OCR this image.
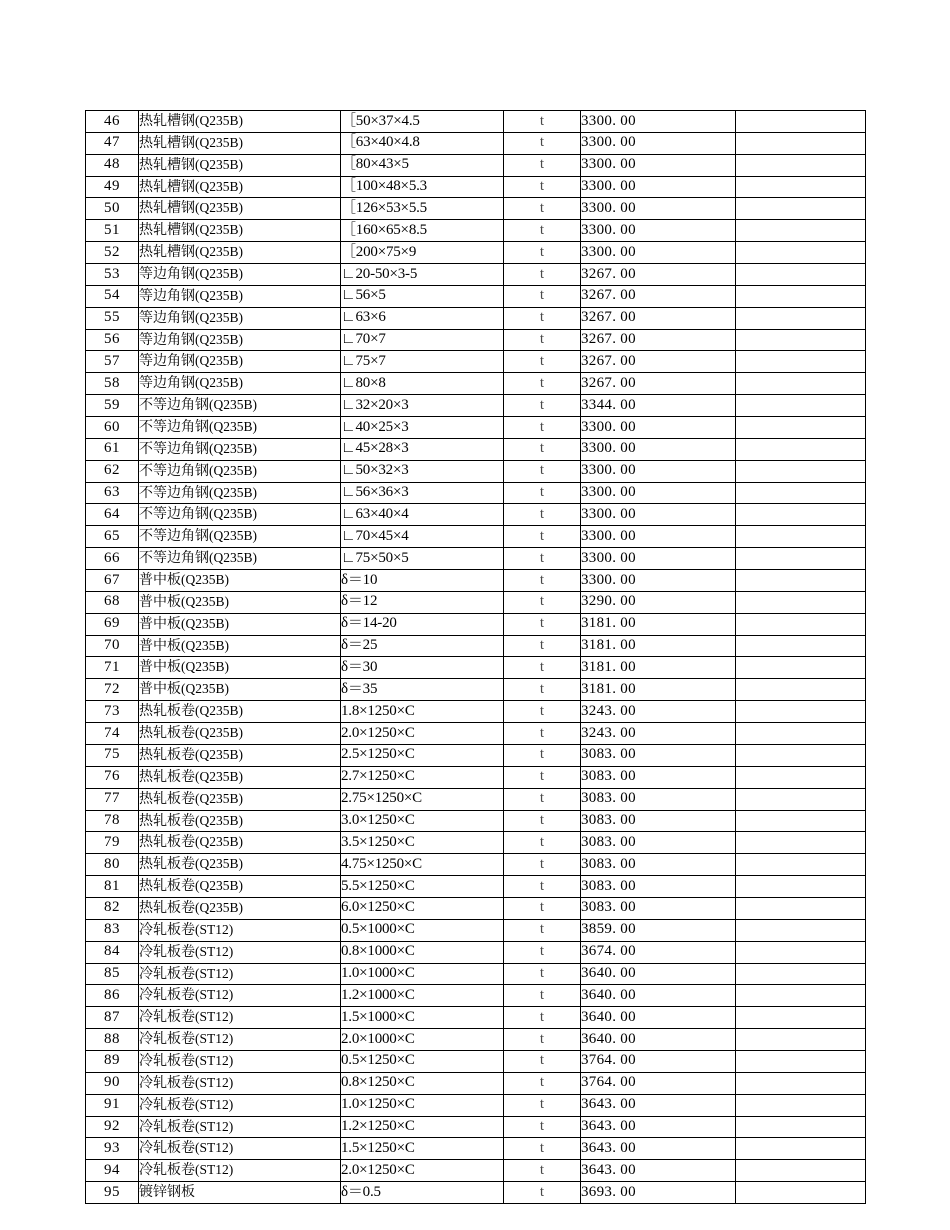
46	热轧槽钢(Q235B)	［50×37×4.5	t	3300. 00	
47	热轧槽钢(Q235B)	［63×40×4.8	t	3300. 00	
48	热轧槽钢(Q235B)	［80×43×5	t	3300. 00	
49	热轧槽钢(Q235B)	［100×48×5.3	t	3300. 00	
50	热轧槽钢(Q235B)	［126×53×5.5	t	3300. 00	
51	热轧槽钢(Q235B)	［160×65×8.5	t	3300. 00	
52	热轧槽钢(Q235B)	［200×75×9	t	3300. 00	
53	等边角钢(Q235B)	∟20-50×3-5	t	3267. 00	
54	等边角钢(Q235B)	∟56×5	t	3267. 00	
55	等边角钢(Q235B)	∟63×6	t	3267. 00	
56	等边角钢(Q235B)	∟70×7	t	3267. 00	
57	等边角钢(Q235B)	∟75×7	t	3267. 00	
58	等边角钢(Q235B)	∟80×8	t	3267. 00	
59	不等边角钢(Q235B)	∟32×20×3	t	3344. 00	
60	不等边角钢(Q235B)	∟40×25×3	t	3300. 00	
61	不等边角钢(Q235B)	∟45×28×3	t	3300. 00	
62	不等边角钢(Q235B)	∟50×32×3	t	3300. 00	
63	不等边角钢(Q235B)	∟56×36×3	t	3300. 00	
64	不等边角钢(Q235B)	∟63×40×4	t	3300. 00	
65	不等边角钢(Q235B)	∟70×45×4	t	3300. 00	
66	不等边角钢(Q235B)	∟75×50×5	t	3300. 00	
67	普中板(Q235B)	δ＝10	t	3300. 00	
68	普中板(Q235B)	δ＝12	t	3290. 00	
69	普中板(Q235B)	δ＝14-20	t	3181. 00	
70	普中板(Q235B)	δ＝25	t	3181. 00	
71	普中板(Q235B)	δ＝30	t	3181. 00	
72	普中板(Q235B)	δ＝35	t	3181. 00	
73	热轧板卷(Q235B)	1.8×1250×C	t	3243. 00	
74	热轧板卷(Q235B)	2.0×1250×C	t	3243. 00	
75	热轧板卷(Q235B)	2.5×1250×C	t	3083. 00	
76	热轧板卷(Q235B)	2.7×1250×C	t	3083. 00	
77	热轧板卷(Q235B)	2.75×1250×C	t	3083. 00	
78	热轧板卷(Q235B)	3.0×1250×C	t	3083. 00	
79	热轧板卷(Q235B)	3.5×1250×C	t	3083. 00	
80	热轧板卷(Q235B)	4.75×1250×C	t	3083. 00	
81	热轧板卷(Q235B)	5.5×1250×C	t	3083. 00	
82	热轧板卷(Q235B)	6.0×1250×C	t	3083. 00	
83	冷轧板卷(ST12)	0.5×1000×C	t	3859. 00	
84	冷轧板卷(ST12)	0.8×1000×C	t	3674. 00	
85	冷轧板卷(ST12)	1.0×1000×C	t	3640. 00	
86	冷轧板卷(ST12)	1.2×1000×C	t	3640. 00	
87	冷轧板卷(ST12)	1.5×1000×C	t	3640. 00	
88	冷轧板卷(ST12)	2.0×1000×C	t	3640. 00	
89	冷轧板卷(ST12)	0.5×1250×C	t	3764. 00	
90	冷轧板卷(ST12)	0.8×1250×C	t	3764. 00	
91	冷轧板卷(ST12)	1.0×1250×C	t	3643. 00	
92	冷轧板卷(ST12)	1.2×1250×C	t	3643. 00	
93	冷轧板卷(ST12)	1.5×1250×C	t	3643. 00	
94	冷轧板卷(ST12)	2.0×1250×C	t	3643. 00	
95	镀锌钢板	δ＝0.5	t	3693. 00	
